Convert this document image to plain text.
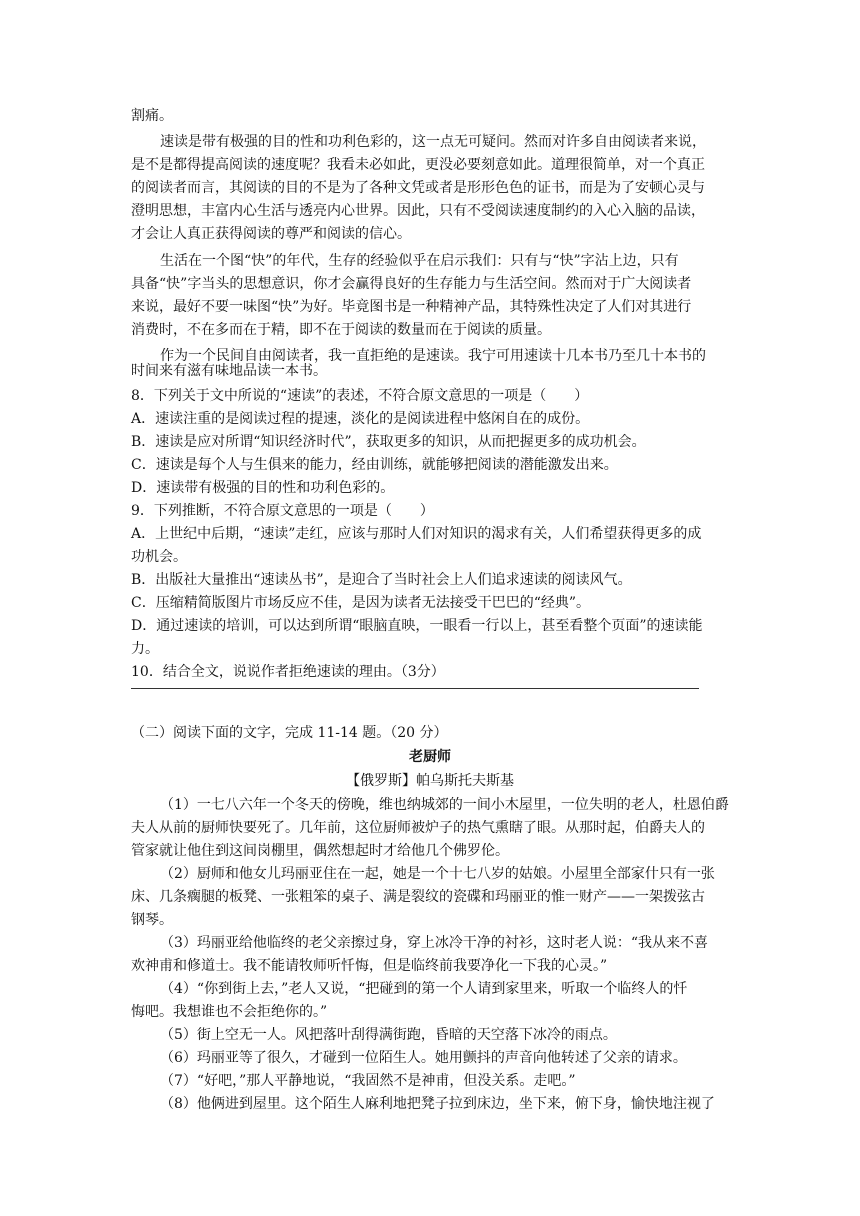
割痛。
速读是带有极强的目的性和功利色彩的，这一点无可疑问。然而对许多自由阅读者来说，
是不是都得提高阅读的速度呢？我看未必如此，更没必要刻意如此。道理很简单，对一个真正
的阅读者而言，其阅读的目的不是为了各种文凭或者是形形色色的证书，而是为了安顿心灵与
澄明思想，丰富内心生活与透亮内心世界。因此，只有不受阅读速度制约的入心入脑的品读，
才会让人真正获得阅读的尊严和阅读的信心。
生活在一个图“快”的年代，生存的经验似乎在启示我们：只有与“快”字沾上边，只有
具备“快”字当头的思想意识，你才会赢得良好的生存能力与生活空间。然而对于广大阅读者
来说，最好不要一味图“快”为好。毕竟图书是一种精神产品，其特殊性决定了人们对其进行
消费时，不在多而在于精，即不在于阅读的数量而在于阅读的质量。
作为一个民间自由阅读者，我一直拒绝的是速读。我宁可用速读十几本书乃至几十本书的
时间来有滋有味地品读一本书。
8．下列关于文中所说的“速读”的表述，不符合原文意思的一项是（　　）
A．速读注重的是阅读过程的提速，淡化的是阅读进程中悠闲自在的成份。
B．速读是应对所谓“知识经济时代”，获取更多的知识，从而把握更多的成功机会。
C．速读是每个人与生俱来的能力，经由训练，就能够把阅读的潜能激发出来。
D．速读带有极强的目的性和功利色彩的。
9．下列推断，不符合原文意思的一项是（　　）
A．上世纪中后期，“速读”走红，应该与那时人们对知识的渴求有关，人们希望获得更多的成
功机会。
B．出版社大量推出“速读丛书”，是迎合了当时社会上人们追求速读的阅读风气。
C．压缩精简版图片市场反应不佳，是因为读者无法接受干巴巴的“经典”。
D．通过速读的培训，可以达到所谓“眼脑直映，一眼看一行以上，甚至看整个页面”的速读能
力。
10．结合全文，说说作者拒绝速读的理由。（3分）
（二）阅读下面的文字，完成 11-14 题。（20 分）
老厨师
【俄罗斯】帕乌斯托夫斯基
（1）一七八六年一个冬天的傍晚，维也纳城郊的一间小木屋里，一位失明的老人，杜恩伯爵
夫人从前的厨师快要死了。几年前，这位厨师被炉子的热气熏瞎了眼。从那时起，伯爵夫人的
管家就让他住到这间岗棚里，偶然想起时才给他几个佛罗伦。
（2）厨师和他女儿玛丽亚住在一起，她是一个十七八岁的姑娘。小屋里全部家什只有一张
床、几条瘸腿的板凳、一张粗笨的桌子、满是裂纹的瓷碟和玛丽亚的惟一财产——一架拨弦古
钢琴。
（3）玛丽亚给他临终的老父亲擦过身，穿上冰冷干净的衬衫，这时老人说：“我从来不喜
欢神甫和修道士。我不能请牧师听忏悔，但是临终前我要净化一下我的心灵。”
（4）“你到街上去，”老人又说，“把碰到的第一个人请到家里来，听取一个临终人的忏
悔吧。我想谁也不会拒绝你的。”
（5）街上空无一人。风把落叶刮得满街跑，昏暗的天空落下冰冷的雨点。
（6）玛丽亚等了很久，才碰到一位陌生人。她用颤抖的声音向他转述了父亲的请求。
（7）“好吧，”那人平静地说，“我固然不是神甫，但没关系。走吧。”
（8）他俩进到屋里。这个陌生人麻利地把凳子拉到床边，坐下来，俯下身，愉快地注视了
